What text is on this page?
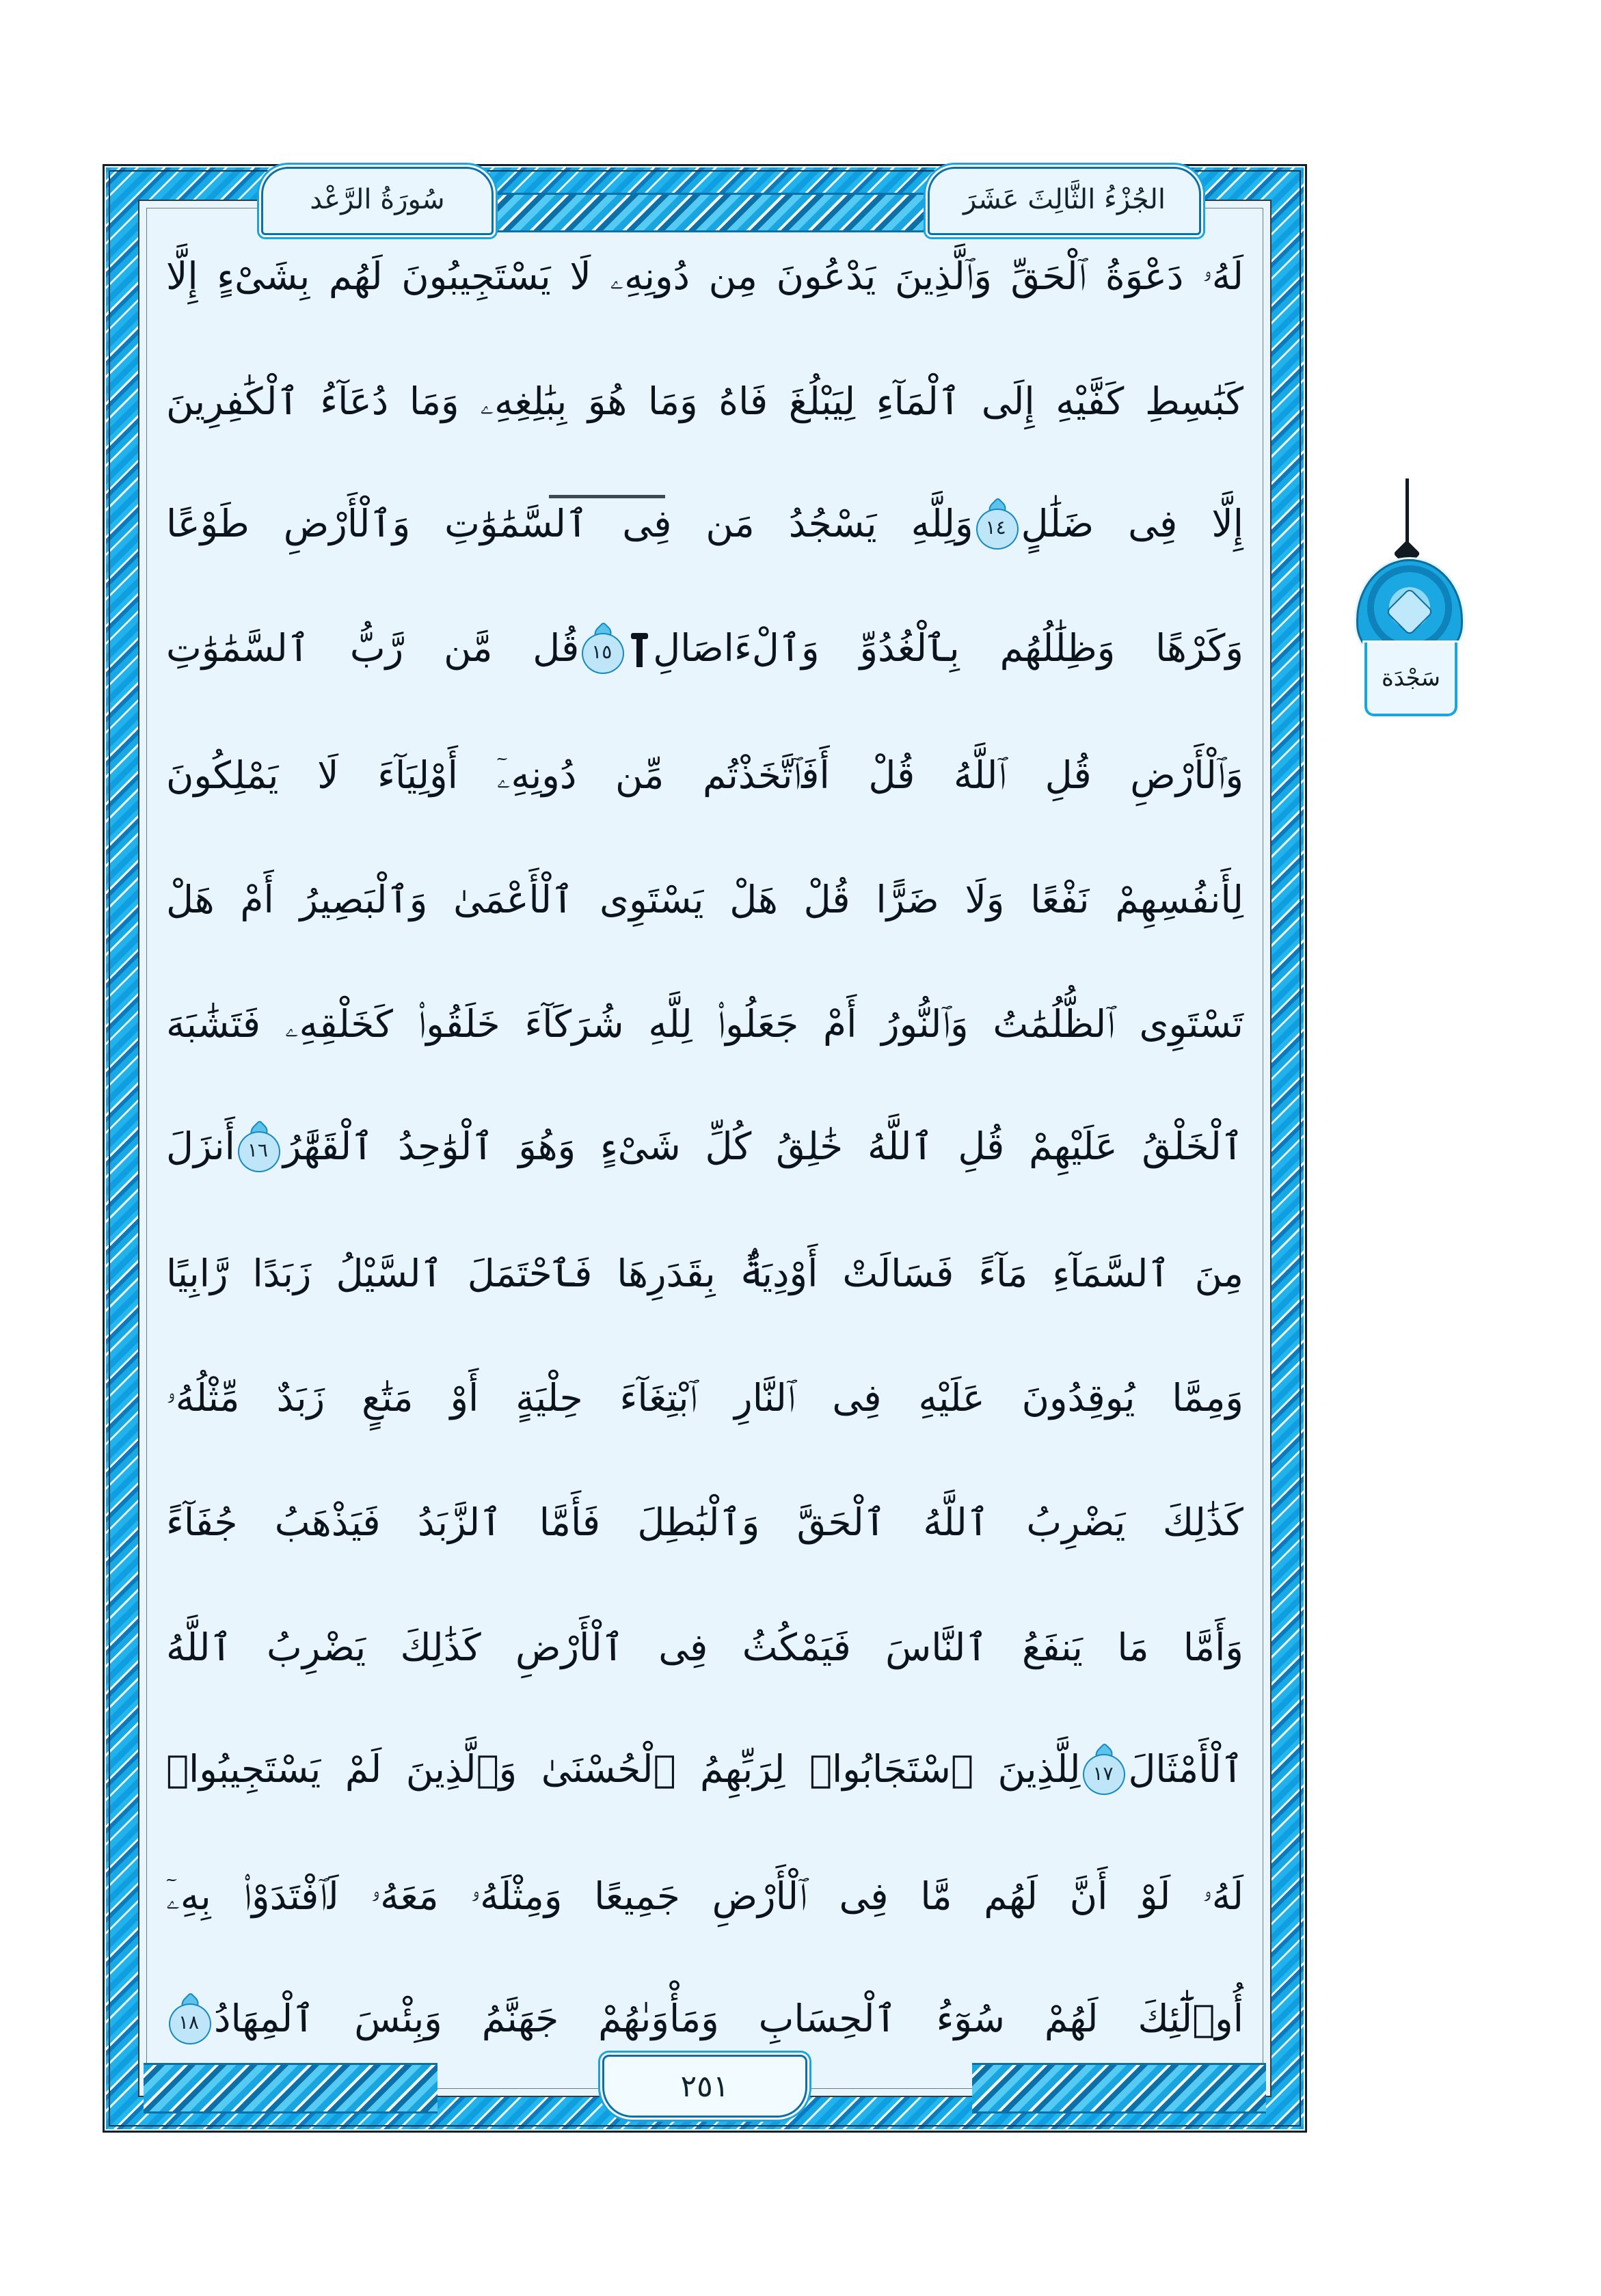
سُورَةُ الرَّعْد	الجُزْءُ الثَّالِثَ عَشَرَ
لَهُۥ دَعْوَةُ ٱلْحَقِّ وَٱلَّذِينَ يَدْعُونَ مِن دُونِهِۦ لَا يَسْتَجِيبُونَ لَهُم بِشَىْءٍ إِلَّا
كَبَٰسِطِ كَفَّيْهِ إِلَى ٱلْمَآءِ لِيَبْلُغَ فَاهُ وَمَا هُوَ بِبَٰلِغِهِۦ وَمَا دُعَآءُ ٱلْكَٰفِرِينَ
إِلَّا فِى ضَلَٰلٍ
١٤
وَلِلَّهِ يَسْجُدُ مَن فِى ٱلسَّمَٰوَٰتِ وَٱلْأَرْضِ طَوْعًا
وَكَرْهًا وَظِلَٰلُهُم بِٱلْغُدُوِّ وَٱلْءَاصَالِ
١٥
قُل مَّن رَّبُّ ٱلسَّمَٰوَٰتِ
وَٱلْأَرْضِ قُلِ ٱللَّهُ قُلْ أَفَٱتَّخَذْتُم مِّن دُونِهِۦٓ أَوْلِيَآءَ لَا يَمْلِكُونَ
لِأَنفُسِهِمْ نَفْعًا وَلَا ضَرًّا قُلْ هَلْ يَسْتَوِى ٱلْأَعْمَىٰ وَٱلْبَصِيرُ أَمْ هَلْ
تَسْتَوِى ٱلظُّلُمَٰتُ وَٱلنُّورُ أَمْ جَعَلُوا۟ لِلَّهِ شُرَكَآءَ خَلَقُوا۟ كَخَلْقِهِۦ فَتَشَٰبَهَ
ٱلْخَلْقُ عَلَيْهِمْ قُلِ ٱللَّهُ خَٰلِقُ كُلِّ شَىْءٍ وَهُوَ ٱلْوَٰحِدُ ٱلْقَهَّٰرُ
١٦
أَنزَلَ
مِنَ ٱلسَّمَآءِ مَآءً فَسَالَتْ أَوْدِيَةٌۢ بِقَدَرِهَا فَٱحْتَمَلَ ٱلسَّيْلُ زَبَدًا رَّابِيًا
وَمِمَّا يُوقِدُونَ عَلَيْهِ فِى ٱلنَّارِ ٱبْتِغَآءَ حِلْيَةٍ أَوْ مَتَٰعٍ زَبَدٌ مِّثْلُهُۥ
كَذَٰلِكَ يَضْرِبُ ٱللَّهُ ٱلْحَقَّ وَٱلْبَٰطِلَ فَأَمَّا ٱلزَّبَدُ فَيَذْهَبُ جُفَآءً
وَأَمَّا مَا يَنفَعُ ٱلنَّاسَ فَيَمْكُثُ فِى ٱلْأَرْضِ كَذَٰلِكَ يَضْرِبُ ٱللَّهُ
ٱلْأَمْثَالَ
١٧
لِلَّذِينَ ٱسْتَجَابُوا۟ لِرَبِّهِمُ ٱلْحُسْنَىٰ وَٱلَّذِينَ لَمْ يَسْتَجِيبُوا۟
لَهُۥ لَوْ أَنَّ لَهُم مَّا فِى ٱلْأَرْضِ جَمِيعًا وَمِثْلَهُۥ مَعَهُۥ لَٱفْتَدَوْا۟ بِهِۦٓ
أُو۟لَٰٓئِكَ لَهُمْ سُوٓءُ ٱلْحِسَابِ وَمَأْوَىٰهُمْ جَهَنَّمُ وَبِئْسَ ٱلْمِهَادُ
١٨
سَجْدَة
٢٥١
